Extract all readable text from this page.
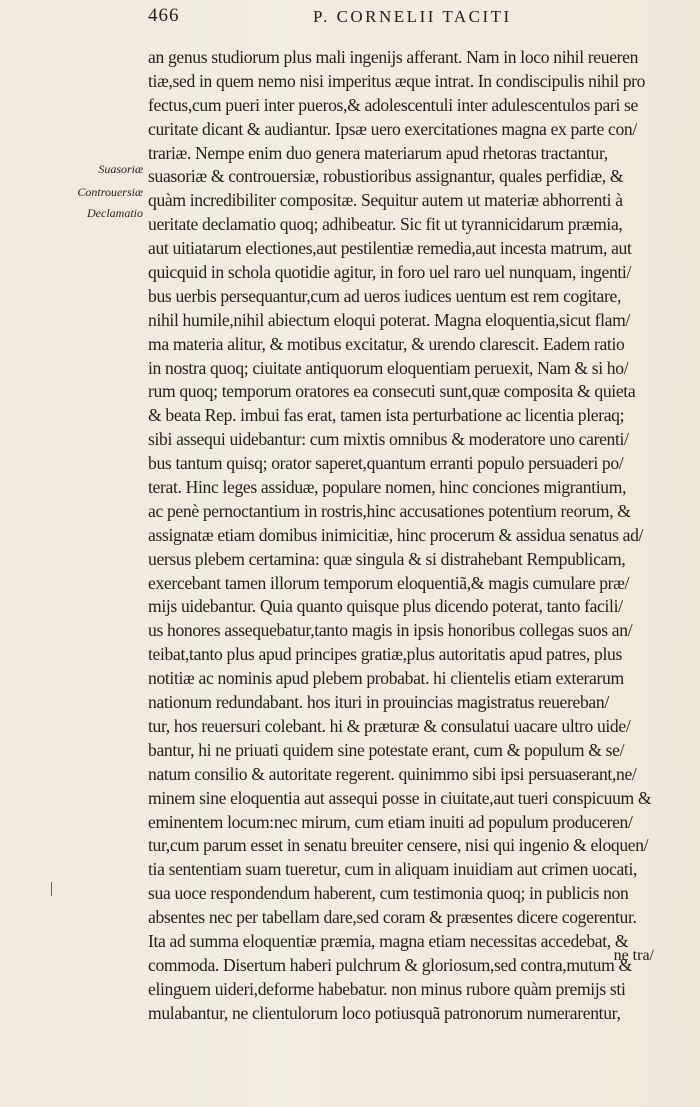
466	P. CORNELII TACITI
Suasoriæ
Controuersiæ
Declamatio
an genus studiorum plus mali ingenijs afferant. Nam in loco nihil reueren
tiæ,sed in quem nemo nisi imperitus æque intrat. In condiscipulis nihil pro
fectus,cum pueri inter pueros,& adolescentuli inter adulescentulos pari se
curitate dicant & audiantur. Ipsæ uero exercitationes magna ex parte con/
trariæ. Nempe enim duo genera materiarum apud rhetoras tractantur,
suasoriæ & controuersiæ, robustioribus assignantur, quales perfidiæ, &
quàm incredibiliter compositæ. Sequitur autem ut materiæ abhorrenti à
ueritate declamatio quoq; adhibeatur. Sic fit ut tyrannicidarum præmia,
aut uitiatarum electiones,aut pestilentiæ remedia,aut incesta matrum, aut
quicquid in schola quotidie agitur, in foro uel raro uel nunquam, ingenti/
bus uerbis persequantur,cum ad ueros iudices uentum est rem cogitare,
nihil humile,nihil abiectum eloqui poterat. Magna eloquentia,sicut flam/
ma materia alitur, & motibus excitatur, & urendo clarescit. Eadem ratio
in nostra quoq; ciuitate antiquorum eloquentiam peruexit, Nam & si ho/
rum quoq; temporum oratores ea consecuti sunt,quæ composita & quieta
& beata Rep. imbui fas erat, tamen ista perturbatione ac licentia pleraq;
sibi assequi uidebantur: cum mixtis omnibus & moderatore uno carenti/
bus tantum quisq; orator saperet,quantum erranti populo persuaderi po/
terat. Hinc leges assiduæ, populare nomen, hinc conciones migrantium,
ac penè pernoctantium in rostris,hinc accusationes potentium reorum, &
assignatæ etiam domibus inimicitiæ, hinc procerum & assidua senatus ad/
uersus plebem certamina: quæ singula & si distrahebant Rempublicam,
exercebant tamen illorum temporum eloquentiã,& magis cumulare præ/
mijs uidebantur. Quia quanto quisque plus dicendo poterat, tanto facili/
us honores assequebatur,tanto magis in ipsis honoribus collegas suos an/
teibat,tanto plus apud principes gratiæ,plus autoritatis apud patres, plus
notitiæ ac nominis apud plebem probabat. hi clientelis etiam exterarum
nationum redundabant. hos ituri in prouincias magistratus reuereban/
tur, hos reuersuri colebant. hi & præturæ & consulatui uacare ultro uide/
bantur, hi ne priuati quidem sine potestate erant, cum & populum & se/
natum consilio & autoritate regerent. quinimmo sibi ipsi persuaserant,ne/
minem sine eloquentia aut assequi posse in ciuitate,aut tueri conspicuum &
eminentem locum:nec mirum, cum etiam inuiti ad populum produceren/
tur,cum parum esset in senatu breuiter censere, nisi qui ingenio & eloquen/
tia sententiam suam tueretur, cum in aliquam inuidiam aut crimen uocati,
sua uoce respondendum haberent, cum testimonia quoq; in publicis non
absentes nec per tabellam dare,sed coram & præsentes dicere cogerentur.
Ita ad summa eloquentiæ præmia, magna etiam necessitas accedebat, &
commoda. Disertum haberi pulchrum & gloriosum,sed contra,mutum &
elinguem uideri,deforme habebatur. non minus rubore quàm premijs sti
mulabantur, ne clientulorum loco potiusquã patronorum numerarentur,
ne tra/
